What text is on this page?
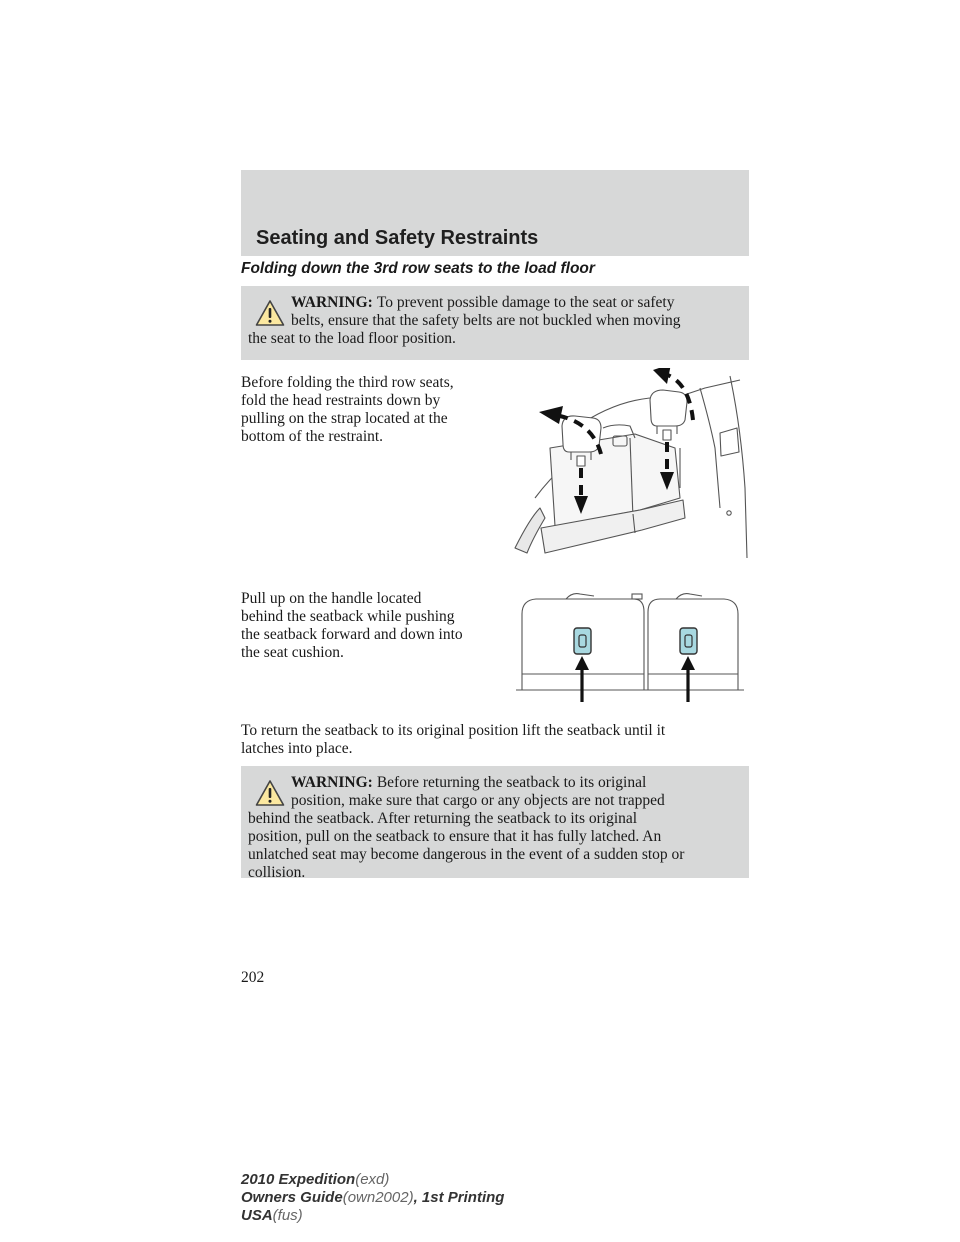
Seating and Safety Restraints
Folding down the 3rd row seats to the load floor
WARNING: To prevent possible damage to the seat or safety
belts, ensure that the safety belts are not buckled when moving
the seat to the load floor position.

Before folding the third row seats,

fold the head restraints down by

pulling on the strap located at the

bottom of the restraint.

Pull up on the handle located

behind the seatback while pushing

the seatback forward and down into

the seat cushion.

To return the seatback to its original position lift the seatback until it

latches into place.

WARNING: Before returning the seatback to its original
position, make sure that cargo or any objects are not trapped
behind the seatback. After returning the seatback to its original
position, pull on the seatback to ensure that it has fully latched. An
unlatched seat may become dangerous in the event of a sudden stop or
collision.
202
2010 Expedition(exd)
Owners Guide(own2002), 1st Printing
USA(fus)
